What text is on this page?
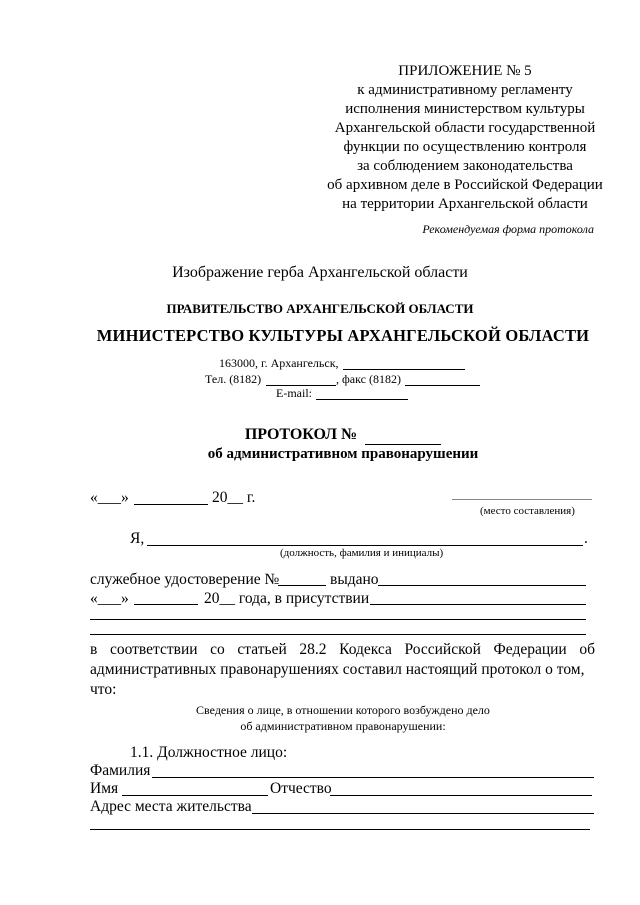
ПРИЛОЖЕНИЕ № 5
к административному регламенту
исполнения министерством культуры
Архангельской области государственной
функции по осуществлению контроля
за соблюдением законодательства
об архивном деле в Российской Федерации
на территории Архангельской области
Рекомендуемая форма протокола
Изображение герба Архангельской области
ПРАВИТЕЛЬСТВО АРХАНГЕЛЬСКОЙ ОБЛАСТИ
МИНИСТЕРСТВО КУЛЬТУРЫ АРХАНГЕЛЬСКОЙ ОБЛАСТИ
163000, г. Архангельск,
Тел. (8182)	, факс (8182)
E-mail:
ПРОТОКОЛ №
об административном правонарушении
«___»	20__ г.
(место составления)
Я,	.
(должность, фамилия и инициалы)
служебное удостоверение №	выдано
«___»	20__ года, в присутствии
в соответствии со статьей 28.2 Кодекса Российской Федерации об административных правонарушениях составил настоящий протокол о том,
что:
Сведения о лице, в отношении которого возбуждено дело
об административном правонарушении:
1.1. Должностное лицо:
Фамилия
Имя	Отчество
Адрес места жительства
